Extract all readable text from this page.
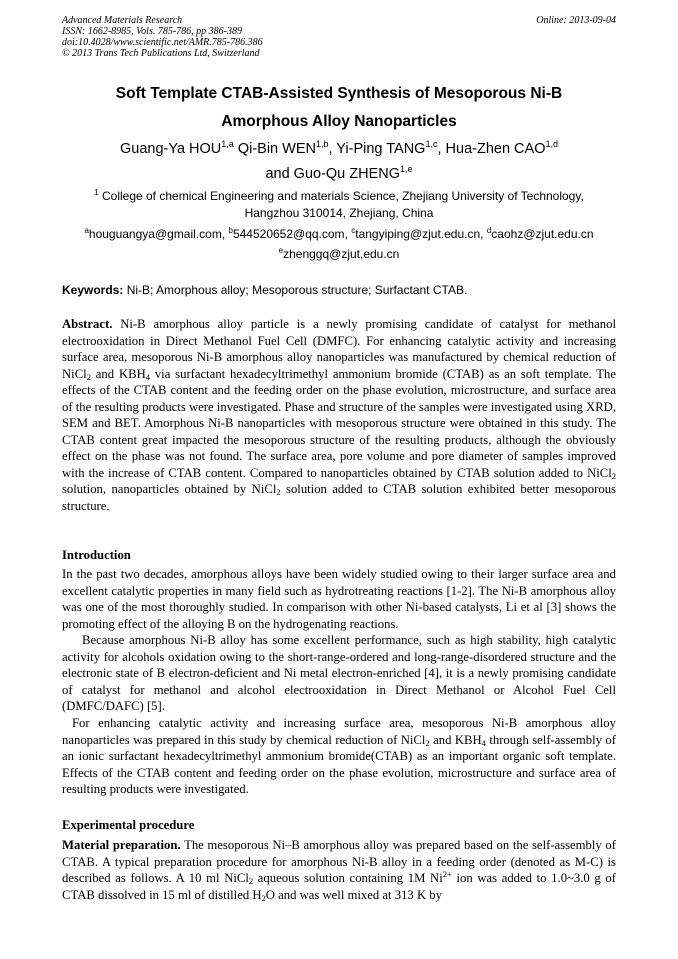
Advanced Materials Research
ISSN: 1662-8985, Vols. 785-786, pp 386-389
doi:10.4028/www.scientific.net/AMR.785-786.386
© 2013 Trans Tech Publications Ltd, Switzerland
Online: 2013-09-04
Soft Template CTAB-Assisted Synthesis of Mesoporous Ni-B
Amorphous Alloy Nanoparticles
Guang-Ya HOU$^{1,a}$ Qi-Bin WEN$^{1,b}$, Yi-Ping TANG$^{1,c}$, Hua-Zhen CAO$^{1,d}$
and Guo-Qu ZHENG$^{1,e}$
$^1$ College of chemical Engineering and materials Science, Zhejiang University of Technology,
Hangzhou 310014, Zhejiang, China
$^a$houguangya@gmail.com, $^b$544520652@qq.com, $^c$tangyiping@zjut.edu.cn, $^d$caohz@zjut.edu.cn
$^e$zhenggq@zjut,edu.cn
Keywords: Ni-B; Amorphous alloy; Mesoporous structure; Surfactant CTAB.
Abstract. Ni-B amorphous alloy particle is a newly promising candidate of catalyst for methanol electrooxidation in Direct Methanol Fuel Cell (DMFC). For enhancing catalytic activity and increasing surface area, mesoporous Ni-B amorphous alloy nanoparticles was manufactured by chemical reduction of NiCl$_2$ and $KBH_4$ via surfactant hexadecyltrimethyl ammonium bromide (CTAB) as an soft template. The effects of the CTAB content and the feeding order on the phase evolution, microstructure, and surface area of the resulting products were investigated. Phase and structure of the samples were investigated using XRD, SEM and BET. Amorphous Ni-B nanoparticles with mesoporous structure were obtained in this study. The CTAB content great impacted the mesoporous structure of the resulting products, although the obviously effect on the phase was not found. The surface area, pore volume and pore diameter of samples improved with the increase of CTAB content. Compared to nanoparticles obtained by CTAB solution added to NiCl$_2$ solution, nanoparticles obtained by NiCl$_2$ solution added to CTAB solution exhibited better mesoporous structure.
Introduction
In the past two decades, amorphous alloys have been widely studied owing to their larger surface area and excellent catalytic properties in many field such as hydrotreating reactions [1-2]. The Ni-B amorphous alloy was one of the most thoroughly studied. In comparison with other Ni-based catalysts, Li et al [3] shows the promoting effect of the alloying B on the hydrogenating reactions.
Because amorphous Ni-B alloy has some excellent performance, such as high stability, high catalytic activity for alcohols oxidation owing to the short-range-ordered and long-range-disordered structure and the electronic state of B electron-deficient and Ni metal electron-enriched [4], it is a newly promising candidate of catalyst for methanol and alcohol electrooxidation in Direct Methanol or Alcohol Fuel Cell (DMFC/DAFC) [5].
For enhancing catalytic activity and increasing surface area, mesoporous Ni-B amorphous alloy nanoparticles was prepared in this study by chemical reduction of NiCl$_2$ and $KBH_4$ through self-assembly of an ionic surfactant hexadecyltrimethyl ammonium bromide(CTAB) as an important organic soft template. Effects of the CTAB content and feeding order on the phase evolution, microstructure and surface area of resulting products were investigated.
Experimental procedure
Material preparation. The mesoporous Ni–B amorphous alloy was prepared based on the self-assembly of CTAB. A typical preparation procedure for amorphous Ni-B alloy in a feeding order (denoted as M-C) is described as follows. A 10 ml NiCl$_2$ aqueous solution containing 1M $Ni^{2+}$ ion was added to 1.0~3.0 g of CTAB dissolved in 15 ml of distilled $H_2O$ and was well mixed at 313 K by
